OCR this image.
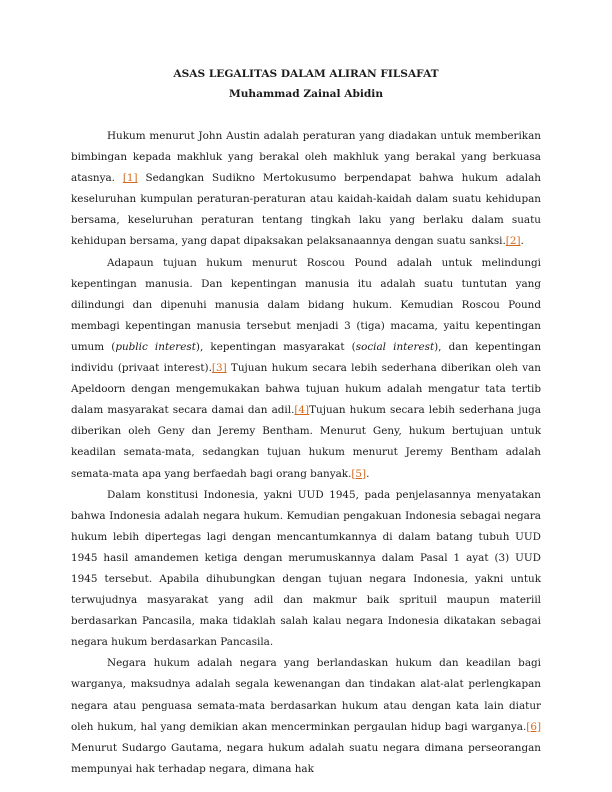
ASAS LEGALITAS DALAM ALIRAN FILSAFAT
Muhammad Zainal Abidin

Hukum menurut John Austin adalah peraturan yang diadakan untuk memberikan bimbingan kepada makhluk yang berakal oleh makhluk yang berakal yang berkuasa atasnya. [1] Sedangkan Sudikno Mertokusumo berpendapat bahwa hukum adalah keseluruhan kumpulan peraturan-peraturan atau kaidah-kaidah dalam suatu kehidupan bersama, keseluruhan peraturan tentang tingkah laku yang berlaku dalam suatu kehidupan bersama, yang dapat dipaksakan pelaksanaannya dengan suatu sanksi.[2].

Adapaun tujuan hukum menurut Roscou Pound adalah untuk melindungi kepentingan manusia. Dan kepentingan manusia itu adalah suatu tuntutan yang dilindungi dan dipenuhi manusia dalam bidang hukum. Kemudian Roscou Pound membagi kepentingan manusia tersebut menjadi 3 (tiga) macama, yaitu kepentingan umum (public interest), kepentingan masyarakat (social interest), dan kepentingan individu (privaat interest).[3] Tujuan hukum secara lebih sederhana diberikan oleh van Apeldoorn dengan mengemukakan bahwa tujuan hukum adalah mengatur tata tertib dalam masyarakat secara damai dan adil.[4]Tujuan hukum secara lebih sederhana juga diberikan oleh Geny dan Jeremy Bentham. Menurut Geny, hukum bertujuan untuk keadilan semata-mata, sedangkan tujuan hukum menurut Jeremy Bentham adalah semata-mata apa yang berfaedah bagi orang banyak.[5].

Dalam konstitusi Indonesia, yakni UUD 1945, pada penjelasannya menyatakan bahwa Indonesia adalah negara hukum. Kemudian pengakuan Indonesia sebagai negara hukum lebih dipertegas lagi dengan mencantumkannya di dalam batang tubuh UUD 1945 hasil amandemen ketiga dengan merumuskannya dalam Pasal 1 ayat (3) UUD 1945 tersebut. Apabila dihubungkan dengan tujuan negara Indonesia, yakni untuk terwujudnya masyarakat yang adil dan makmur baik sprituil maupun materiil berdasarkan Pancasila, maka tidaklah salah kalau negara Indonesia dikatakan sebagai negara hukum berdasarkan Pancasila.

Negara hukum adalah negara yang berlandaskan hukum dan keadilan bagi warganya, maksudnya adalah segala kewenangan dan tindakan alat-alat perlengkapan negara atau penguasa semata-mata berdasarkan hukum atau dengan kata lain diatur oleh hukum, hal yang demikian akan mencerminkan pergaulan hidup bagi warganya.[6] Menurut Sudargo Gautama, negara hukum adalah suatu negara dimana perseorangan mempunyai hak terhadap negara, dimana hak
